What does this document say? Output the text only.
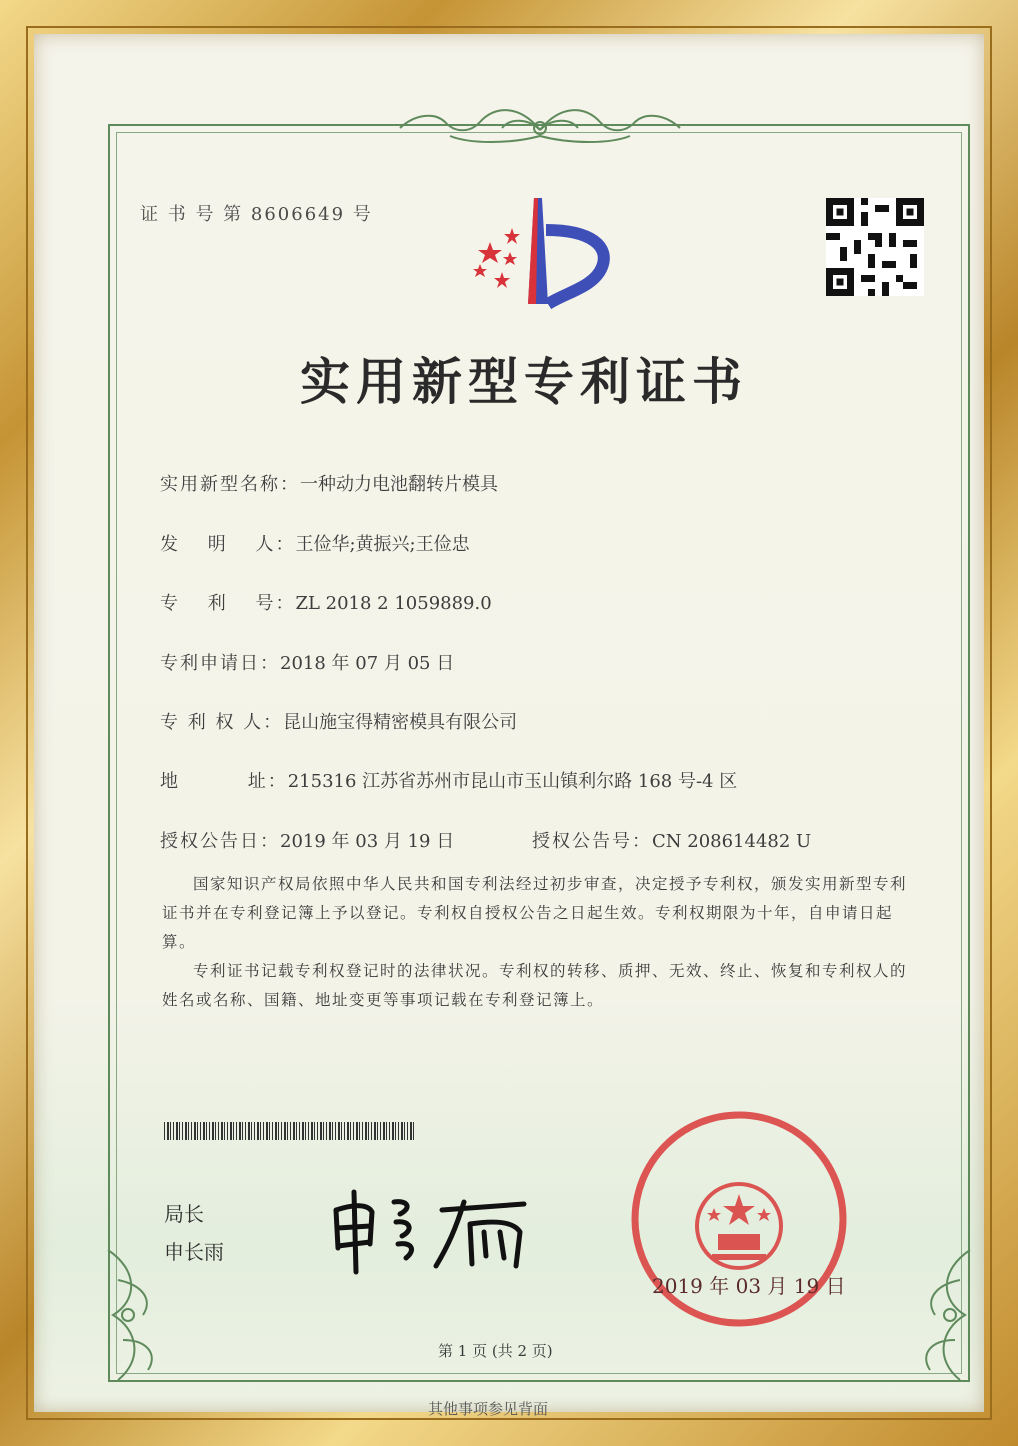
证 书 号 第 8606649 号
实用新型专利证书
实用新型名称：一种动力电池翻转片模具
发　 明　 人：王俭华;黄振兴;王俭忠
专　 利　 号：ZL 2018 2 1059889.0
专利申请日：2018 年 07 月 05 日
专 利 权 人：昆山施宝得精密模具有限公司
地　　　 址：215316 江苏省苏州市昆山市玉山镇利尔路 168 号-4 区
授权公告日：2019 年 03 月 19 日	授权公告号：CN 208614482 U
国家知识产权局依照中华人民共和国专利法经过初步审查，决定授予专利权，颁发实用新型专利证书并在专利登记簿上予以登记。专利权自授权公告之日起生效。专利权期限为十年，自申请日起算。
专利证书记载专利权登记时的法律状况。专利权的转移、质押、无效、终止、恢复和专利权人的姓名或名称、国籍、地址变更等事项记载在专利登记簿上。
局长
申长雨
2019 年 03 月 19 日
第 1 页 (共 2 页)
其他事项参见背面
